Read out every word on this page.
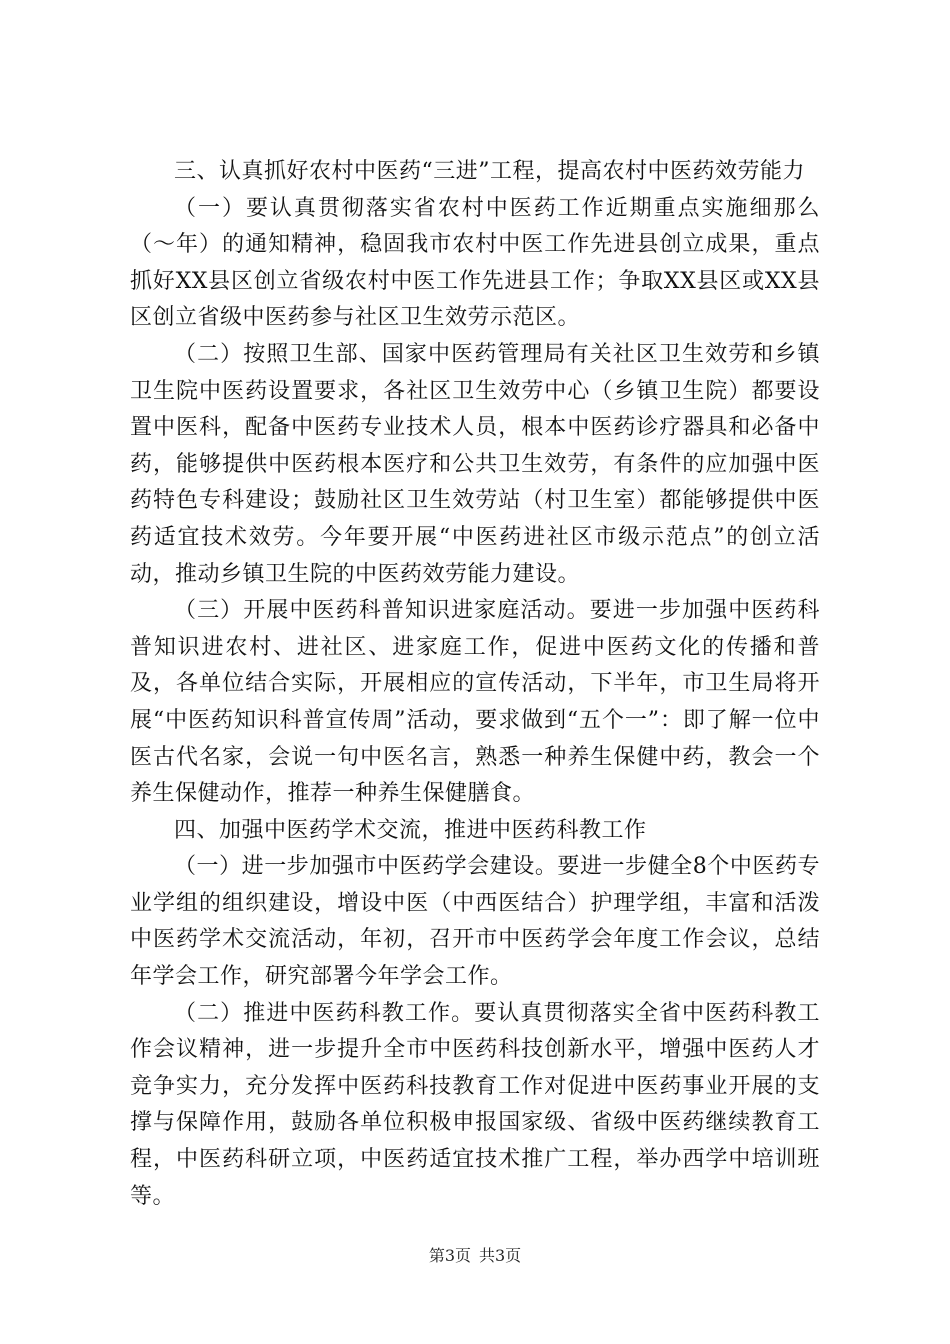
三、认真抓好农村中医药“三进”工程，提高农村中医药效劳能力

（一）要认真贯彻落实省农村中医药工作近期重点实施细那么（～年）的通知精神，稳固我市农村中医工作先进县创立成果，重点抓好XX县区创立省级农村中医工作先进县工作；争取XX县区或XX县区创立省级中医药参与社区卫生效劳示范区。

（二）按照卫生部、国家中医药管理局有关社区卫生效劳和乡镇卫生院中医药设置要求，各社区卫生效劳中心（乡镇卫生院）都要设置中医科，配备中医药专业技术人员，根本中医药诊疗器具和必备中药，能够提供中医药根本医疗和公共卫生效劳，有条件的应加强中医药特色专科建设；鼓励社区卫生效劳站（村卫生室）都能够提供中医药适宜技术效劳。今年要开展“中医药进社区市级示范点”的创立活动，推动乡镇卫生院的中医药效劳能力建设。

（三）开展中医药科普知识进家庭活动。要进一步加强中医药科普知识进农村、进社区、进家庭工作，促进中医药文化的传播和普及，各单位结合实际，开展相应的宣传活动，下半年，市卫生局将开展“中医药知识科普宣传周”活动，要求做到“五个一”：即了解一位中医古代名家，会说一句中医名言，熟悉一种养生保健中药，教会一个养生保健动作，推荐一种养生保健膳食。

四、加强中医药学术交流，推进中医药科教工作

（一）进一步加强市中医药学会建设。要进一步健全8个中医药专业学组的组织建设，增设中医（中西医结合）护理学组，丰富和活泼中医药学术交流活动，年初，召开市中医药学会年度工作会议，总结年学会工作，研究部署今年学会工作。

（二）推进中医药科教工作。要认真贯彻落实全省中医药科教工作会议精神，进一步提升全市中医药科技创新水平，增强中医药人才竞争实力，充分发挥中医药科技教育工作对促进中医药事业开展的支撑与保障作用，鼓励各单位积极申报国家级、省级中医药继续教育工程，中医药科研立项，中医药适宜技术推广工程，举办西学中培训班等。

第3页 共3页
